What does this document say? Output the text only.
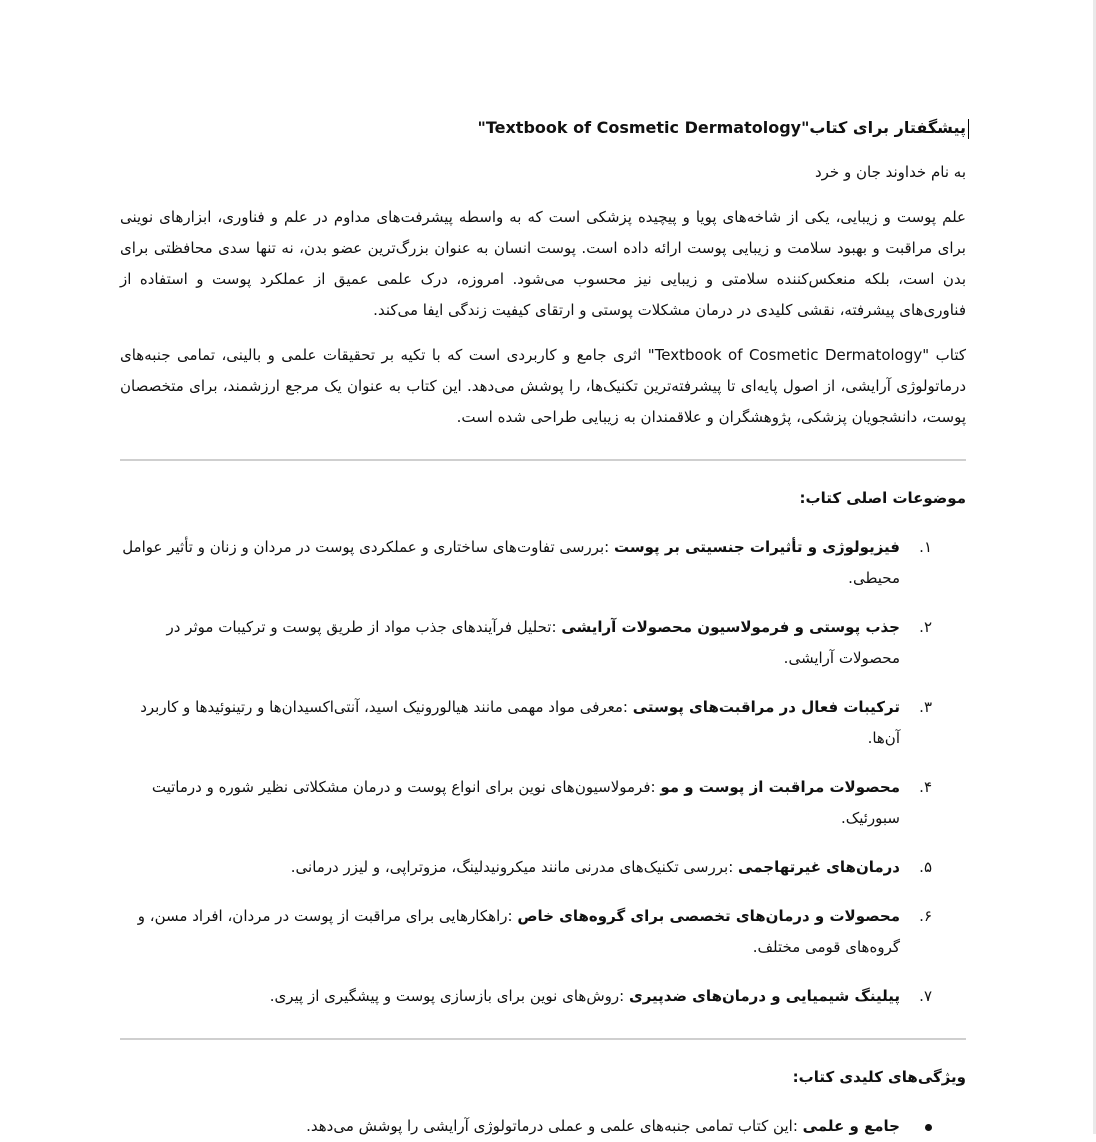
پیشگفتار برای کتاب"Textbook of Cosmetic Dermatology"

به نام خداوند جان و خرد

علم پوست و زیبایی، یکی از شاخه‌های پویا و پیچیده پزشکی است که به واسطه پیشرفت‌های مداوم در علم و فناوری، ابزارهای نوینی برای مراقبت و بهبود سلامت و زیبایی پوست ارائه داده است. پوست انسان به عنوان بزرگ‌ترین عضو بدن، نه تنها سدی محافظتی برای بدن است، بلکه منعکس‌کننده سلامتی و زیبایی نیز محسوب می‌شود. امروزه، درک علمی عمیق از عملکرد پوست و استفاده از فناوری‌های پیشرفته، نقشی کلیدی در درمان مشکلات پوستی و ارتقای کیفیت زندگی ایفا می‌کند.

کتاب "Textbook of Cosmetic Dermatology" اثری جامع و کاربردی است که با تکیه بر تحقیقات علمی و بالینی، تمامی جنبه‌های درماتولوژی آرایشی، از اصول پایه‌ای تا پیشرفته‌ترین تکنیک‌ها، را پوشش می‌دهد. این کتاب به عنوان یک مرجع ارزشمند، برای متخصصان پوست، دانشجویان پزشکی، پژوهشگران و علاقمندان به زیبایی طراحی شده است.

موضوعات اصلی کتاب:

۱.
فیزیولوژی و تأثیرات جنسیتی بر پوست :بررسی تفاوت‌های ساختاری و عملکردی پوست در مردان و زنان و تأثیر عوامل محیطی.
۲.
جذب پوستی و فرمولاسیون محصولات آرایشی :تحلیل فرآیندهای جذب مواد از طریق پوست و ترکیبات موثر در محصولات آرایشی.
۳.
ترکیبات فعال در مراقبت‌های پوستی :معرفی مواد مهمی مانند هیالورونیک اسید، آنتی‌اکسیدان‌ها و رتینوئیدها و کاربرد آن‌ها.
۴.
محصولات مراقبت از پوست و مو :فرمولاسیون‌های نوین برای انواع پوست و درمان مشکلاتی نظیر شوره و درماتیت سبورئیک.
۵.
درمان‌های غیرتهاجمی :بررسی تکنیک‌های مدرنی مانند میکرونیدلینگ، مزوتراپی، و لیزر درمانی.
۶.
محصولات و درمان‌های تخصصی برای گروه‌های خاص :راهکارهایی برای مراقبت از پوست در مردان، افراد مسن، و گروه‌های قومی مختلف.
۷.
پیلینگ شیمیایی و درمان‌های ضدپیری :روش‌های نوین برای بازسازی پوست و پیشگیری از پیری.

ویژگی‌های کلیدی کتاب:

جامع و علمی :این کتاب تمامی جنبه‌های علمی و عملی درماتولوژی آرایشی را پوشش می‌دهد.
